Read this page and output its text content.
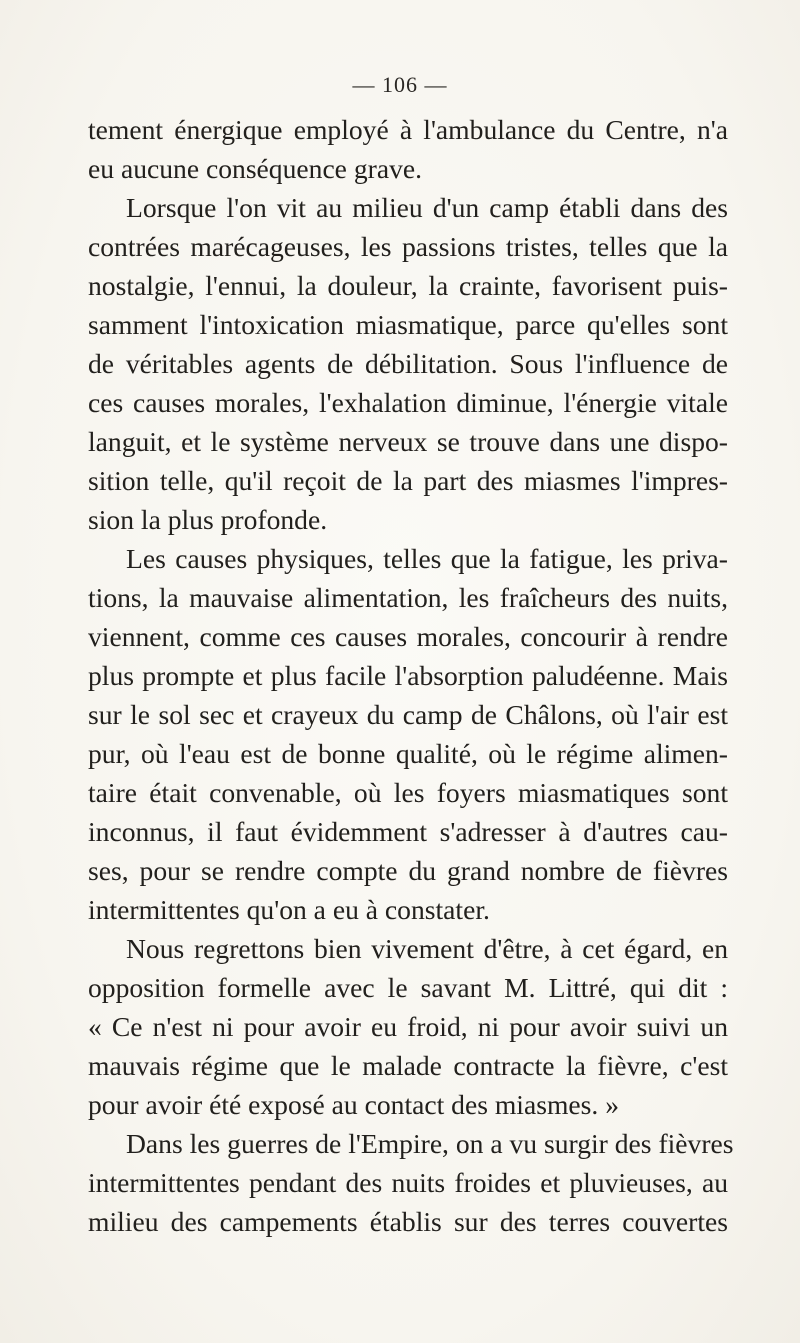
— 106 —
tement énergique employé à l'ambulance du Centre, n'a
eu aucune conséquence grave.
Lorsque l'on vit au milieu d'un camp établi dans des
contrées marécageuses, les passions tristes, telles que la
nostalgie, l'ennui, la douleur, la crainte, favorisent puis-
samment l'intoxication miasmatique, parce qu'elles sont
de véritables agents de débilitation. Sous l'influence de
ces causes morales, l'exhalation diminue, l'énergie vitale
languit, et le système nerveux se trouve dans une dispo-
sition telle, qu'il reçoit de la part des miasmes l'impres-
sion la plus profonde.
Les causes physiques, telles que la fatigue, les priva-
tions, la mauvaise alimentation, les fraîcheurs des nuits,
viennent, comme ces causes morales, concourir à rendre
plus prompte et plus facile l'absorption paludéenne. Mais
sur le sol sec et crayeux du camp de Châlons, où l'air est
pur, où l'eau est de bonne qualité, où le régime alimen-
taire était convenable, où les foyers miasmatiques sont
inconnus, il faut évidemment s'adresser à d'autres cau-
ses, pour se rendre compte du grand nombre de fièvres
intermittentes qu'on a eu à constater.
Nous regrettons bien vivement d'être, à cet égard, en
opposition formelle avec le savant M. Littré, qui dit :
« Ce n'est ni pour avoir eu froid, ni pour avoir suivi un
mauvais régime que le malade contracte la fièvre, c'est
pour avoir été exposé au contact des miasmes. »
Dans les guerres de l'Empire, on a vu surgir des fièvres
intermittentes pendant des nuits froides et pluvieuses, au
milieu des campements établis sur des terres couvertes
